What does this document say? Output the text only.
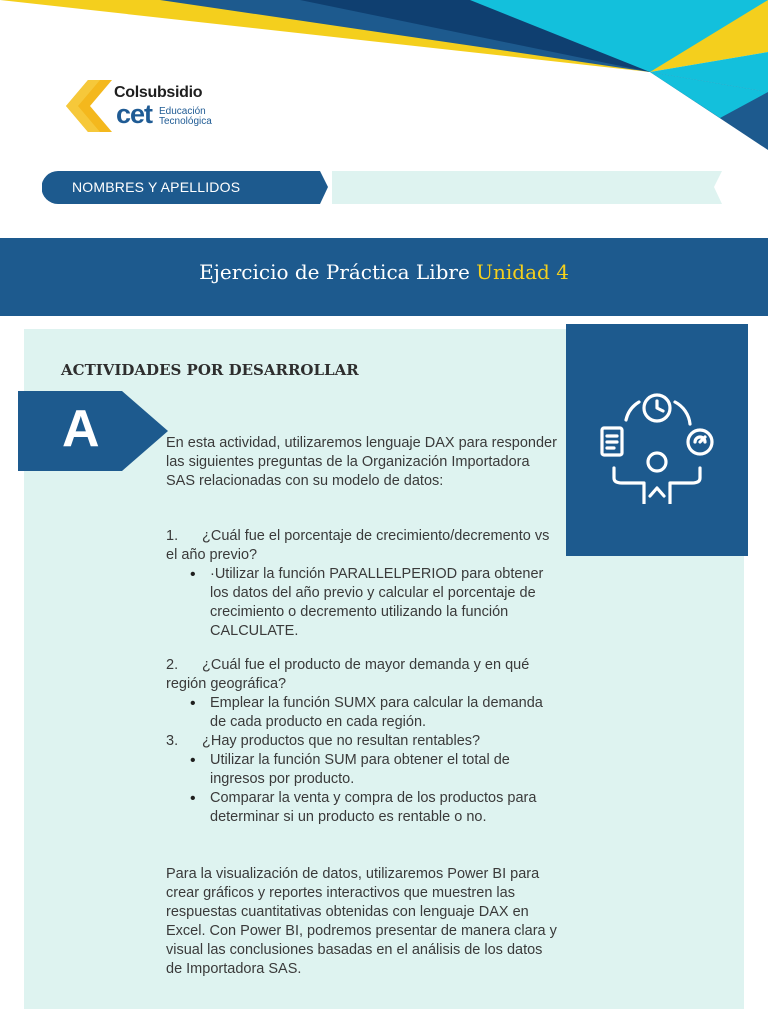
Colsubsidio
cet Educación
Tecnológica
NOMBRES Y APELLIDOS
Ejercicio de Práctica Libre Unidad 4
ACTIVIDADES POR DESARROLLAR
A	En esta actividad, utilizaremos lenguaje DAX para responder las siguientes preguntas de la Organización Importadora SAS relacionadas con su modelo de datos:

1. ¿Cuál fue el porcentaje de crecimiento/decremento vs el año previo?

• ·Utilizar la función PARALLELPERIOD para obtener los datos del año previo y calcular el porcentaje de crecimiento o decremento utilizando la función CALCULATE.

2. ¿Cuál fue el producto de mayor demanda y en qué región geográfica?

• Emplear la función SUMX para calcular la demanda de cada producto en cada región.

3. ¿Hay productos que no resultan rentables?

• Utilizar la función SUM para obtener el total de ingresos por producto.
• Comparar la venta y compra de los productos para determinar si un producto es rentable o no.

Para la visualización de datos, utilizaremos Power BI para crear gráficos y reportes interactivos que muestren las respuestas cuantitativas obtenidas con lenguaje DAX en Excel. Con Power BI, podremos presentar de manera clara y visual las conclusiones basadas en el análisis de los datos de Importadora SAS.
